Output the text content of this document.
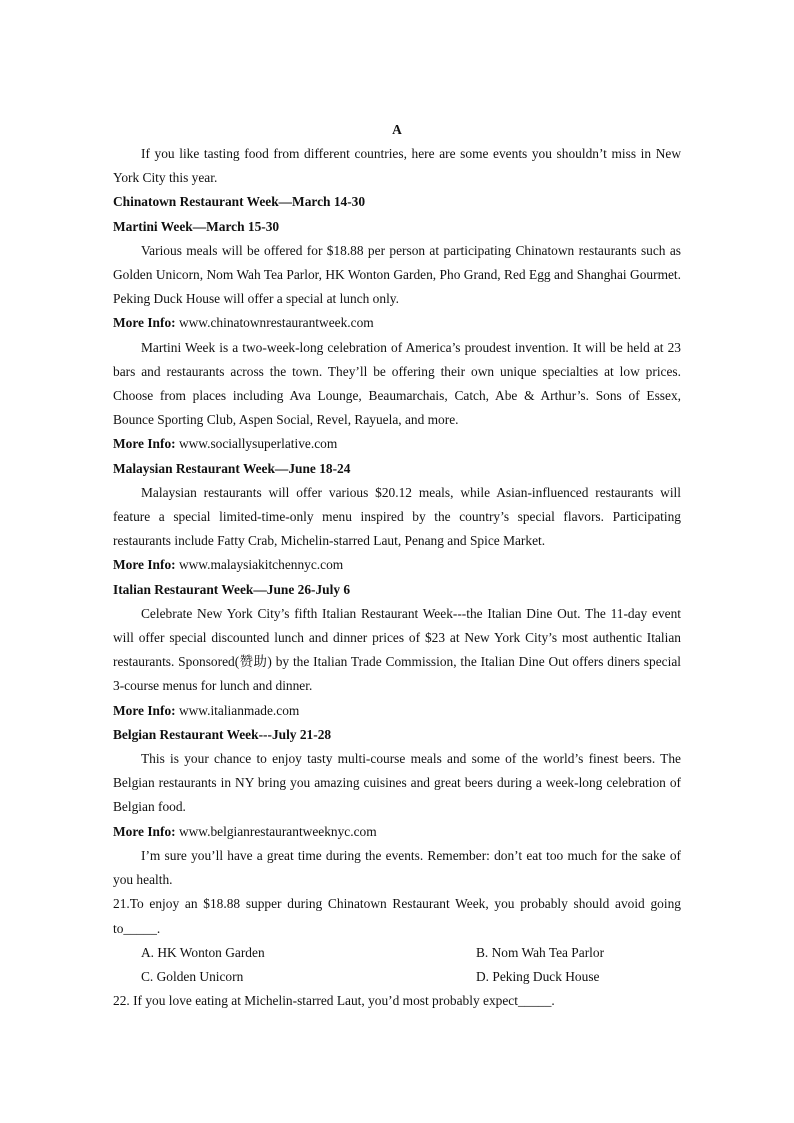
A

If you like tasting food from different countries, here are some events you shouldn’t miss in New York City this year.

Chinatown Restaurant Week—March 14-30

Martini Week—March 15-30

Various meals will be offered for $18.88 per person at participating Chinatown restaurants such as Golden Unicorn, Nom Wah Tea Parlor, HK Wonton Garden, Pho Grand, Red Egg and Shanghai Gourmet. Peking Duck House will offer a special at lunch only.

More Info: www.chinatownrestaurantweek.com

Martini Week is a two-week-long celebration of America’s proudest invention. It will be held at 23 bars and restaurants across the town. They’ll be offering their own unique specialties at low prices. Choose from places including Ava Lounge, Beaumarchais, Catch, Abe & Arthur’s. Sons of Essex, Bounce Sporting Club, Aspen Social, Revel, Rayuela, and more.

More Info: www.sociallysuperlative.com

Malaysian Restaurant Week—June 18-24

Malaysian restaurants will offer various $20.12 meals, while Asian-influenced restaurants will feature a special limited-time-only menu inspired by the country’s special flavors. Participating restaurants include Fatty Crab, Michelin-starred Laut, Penang and Spice Market.

More Info: www.malaysiakitchennyc.com

Italian Restaurant Week—June 26-July 6

Celebrate New York City’s fifth Italian Restaurant Week---the Italian Dine Out. The 11-day event will offer special discounted lunch and dinner prices of $23 at New York City’s most authentic Italian restaurants. Sponsored(赞助) by the Italian Trade Commission, the Italian Dine Out offers diners special 3-course menus for lunch and dinner.

More Info: www.italianmade.com

Belgian Restaurant Week---July 21-28

This is your chance to enjoy tasty multi-course meals and some of the world’s finest beers. The Belgian restaurants in NY bring you amazing cuisines and great beers during a week-long celebration of Belgian food.

More Info: www.belgianrestaurantweeknyc.com

I’m sure you’ll have a great time during the events. Remember: don’t eat too much for the sake of you health.

21.To enjoy an $18.88 supper during Chinatown Restaurant Week, you probably should avoid going to_____.

A. HK Wonton Garden	B. Nom Wah Tea Parlor
C. Golden Unicorn	D. Peking Duck House

22. If you love eating at Michelin-starred Laut, you’d most probably expect_____.
